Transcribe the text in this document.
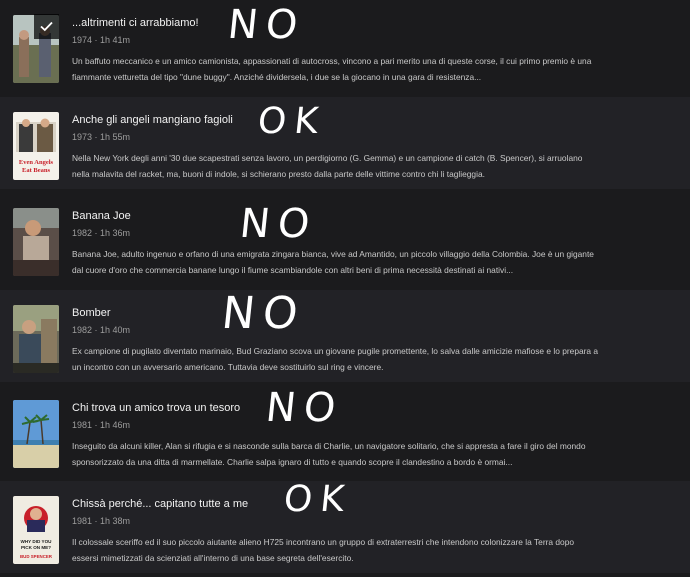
...altrimenti ci arrabbiamo!
1974 · 1h 41m
Un baffuto meccanico e un amico camionista, appassionati di autocross, vincono a pari merito una di queste corse, il cui primo premio è una fiammante vetturetta del tipo "dune buggy". Anziché dividersela, i due se la giocano in una gara di resistenza...
NO
Even Angels
Eat Beans
Anche gli angeli mangiano fagioli
1973 · 1h 55m
Nella New York degli anni '30 due scapestrati senza lavoro, un perdigiorno (G. Gemma) e un campione di catch (B. Spencer), si arruolano nella malavita del racket, ma, buoni di indole, si schierano presto dalla parte delle vittime contro chi li taglieggia.
OK
Banana Joe
1982 · 1h 36m
Banana Joe, adulto ingenuo e orfano di una emigrata zingara bianca, vive ad Amantido, un piccolo villaggio della Colombia. Joe è un gigante dal cuore d'oro che commercia banane lungo il fiume scambiandole con altri beni di prima necessità destinati ai nativi...
NO
Bomber
1982 · 1h 40m
Ex campione di pugilato diventato marinaio, Bud Graziano scova un giovane pugile promettente, lo salva dalle amicizie mafiose e lo prepara a un incontro con un avversario americano. Tuttavia deve sostituirlo sul ring e vincere.
NO
Chi trova un amico trova un tesoro
1981 · 1h 46m
Inseguito da alcuni killer, Alan si rifugia e si nasconde sulla barca di Charlie, un navigatore solitario, che si appresta a fare il giro del mondo sponsorizzato da una ditta di marmellate. Charlie salpa ignaro di tutto e quando scopre il clandestino a bordo è ormai...
NO
WHY DID YOU
PICK ON ME?
BUD SPENCER
Chissà perché... capitano tutte a me
1981 · 1h 38m
Il colossale sceriffo ed il suo piccolo aiutante alieno H725 incontrano un gruppo di extraterrestri che intendono colonizzare la Terra dopo essersi mimetizzati da scienziati all'interno di una base segreta dell'esercito.
OK
